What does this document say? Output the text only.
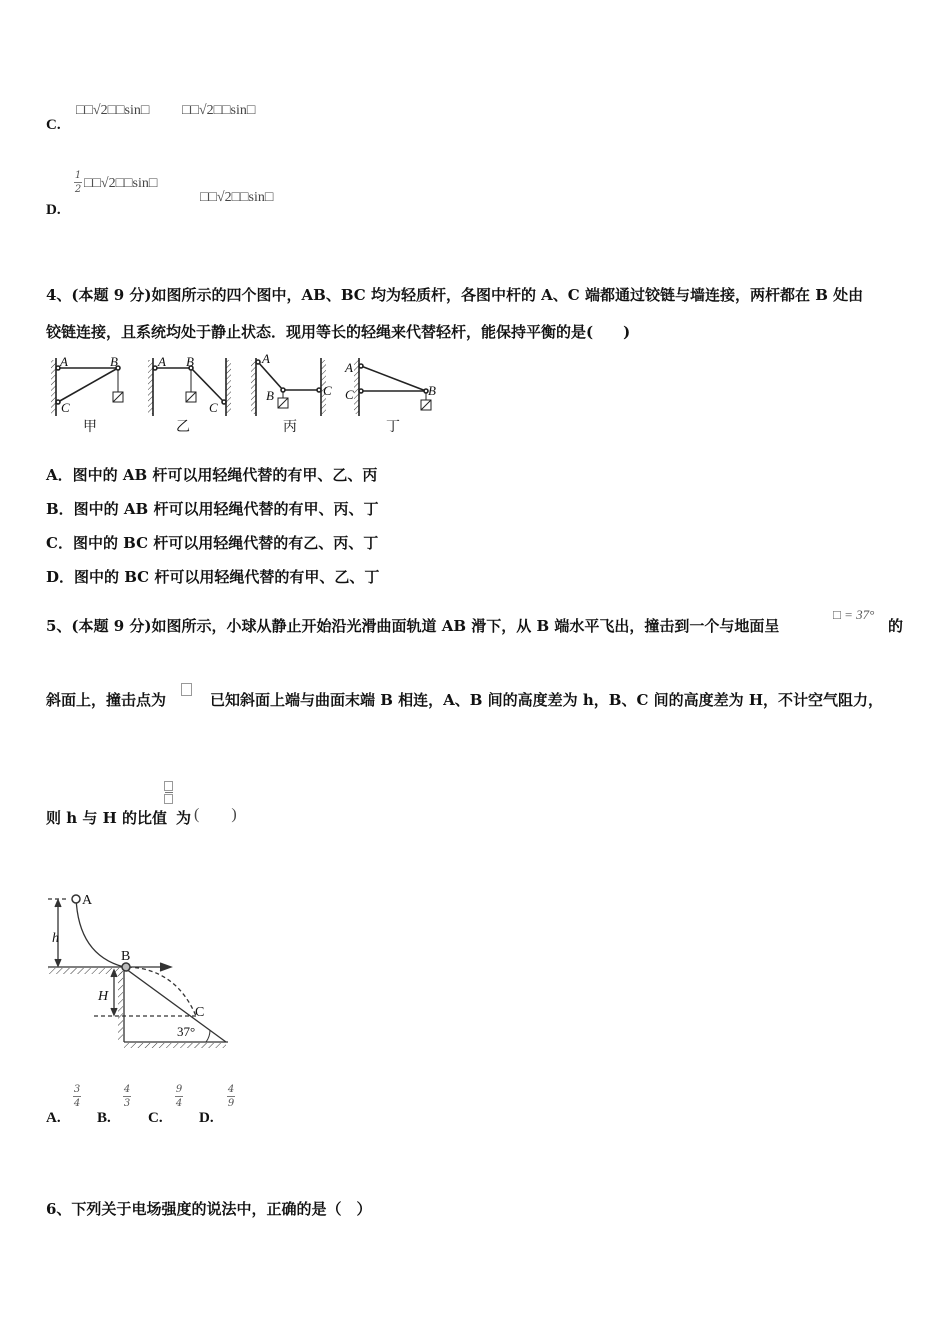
C.
□□√2□□sin□ □□√2□□sin□
D.
1
2 □□√2□□sin□
□□√2□□sin□
4、(本题 9 分)如图所示的四个图中，AB、BC 均为轻质杆，各图中杆的 A、C 端都通过铰链与墙连接，两杆都在 B 处由
铰链连接，且系统均处于静止状态．现用等长的轻绳来代替轻杆，能保持平衡的是(　　)
A	B
C
A B
C
A
B	C
A
C	B
甲	乙	丙	丁
A．图中的 AB 杆可以用轻绳代替的有甲、乙、丙
B．图中的 AB 杆可以用轻绳代替的有甲、丙、丁
C．图中的 BC 杆可以用轻绳代替的有乙、丙、丁
D．图中的 BC 杆可以用轻绳代替的有甲、乙、丁
5、(本题 9 分)如图所示，小球从静止开始沿光滑曲面轨道 AB 滑下，从 B 端水平飞出，撞击到一个与地面呈
□ = 37°
的
斜面上，撞击点为	已知斜面上端与曲面末端 B 相连，A、B 间的高度差为 h，B、C 间的高度差为 H，不计空气阻力，
则 h 与 H 的比值 为 (　　)
A
B
C
h
H
37°
A.
3
4
B.
4
3
C.
9
4
D.
4
9
6、下列关于电场强度的说法中，正确的是（　）
